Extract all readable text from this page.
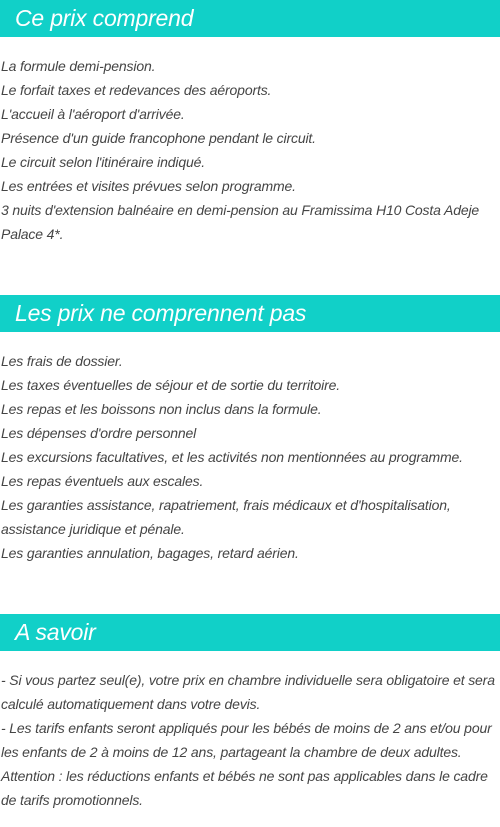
Ce prix comprend

La formule demi-pension.

Le forfait taxes et redevances des aéroports.

L'accueil à l'aéroport d'arrivée.

Présence d'un guide francophone pendant le circuit.

Le circuit selon l'itinéraire indiqué.

Les entrées et visites prévues selon programme.

3 nuits d'extension balnéaire en demi-pension au Framissima H10 Costa Adeje Palace 4*.

Les prix ne comprennent pas

Les frais de dossier.

Les taxes éventuelles de séjour et de sortie du territoire.

Les repas et les boissons non inclus dans la formule.

Les dépenses d'ordre personnel

Les excursions facultatives, et les activités non mentionnées au programme.

Les repas éventuels aux escales.

Les garanties assistance, rapatriement, frais médicaux et d'hospitalisation, assistance juridique et pénale.

Les garanties annulation, bagages, retard aérien.

A savoir

- Si vous partez seul(e), votre prix en chambre individuelle sera obligatoire et sera calculé automatiquement dans votre devis.

- Les tarifs enfants seront appliqués pour les bébés de moins de 2 ans et/ou pour les enfants de 2 à moins de 12 ans, partageant la chambre de deux adultes.

Attention : les réductions enfants et bébés ne sont pas applicables dans le cadre de tarifs promotionnels.
